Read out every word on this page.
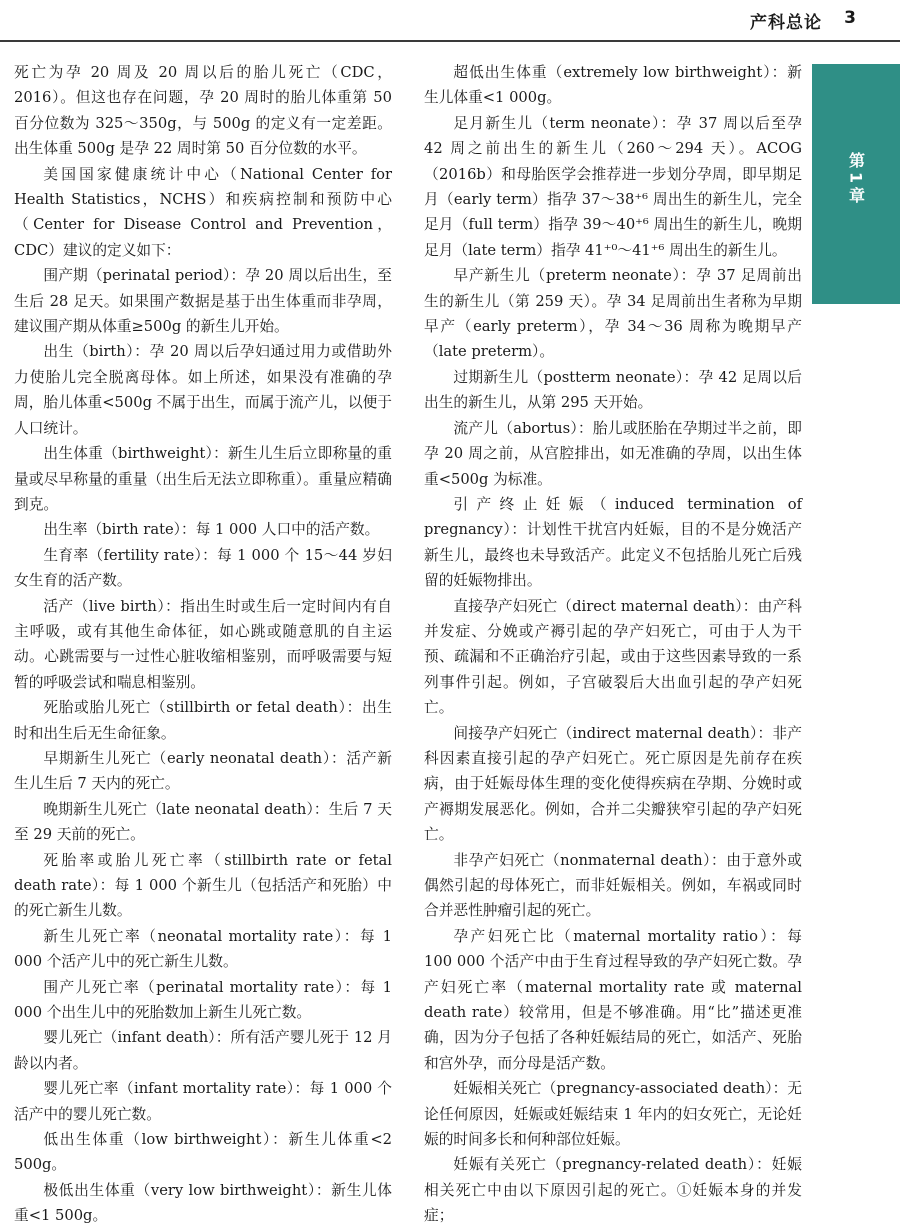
产科总论 3
第1章

死亡为孕 20 周及 20 周以后的胎儿死亡（CDC，2016）。但这也存在问题，孕 20 周时的胎儿体重第 50 百分位数为 325～350g，与 500g 的定义有一定差距。出生体重 500g 是孕 22 周时第 50 百分位数的水平。

美国国家健康统计中心（National Center for Health Statistics，NCHS）和疾病控制和预防中心（Center for Disease Control and Prevention，CDC）建议的定义如下：

围产期（perinatal period）：孕 20 周以后出生，至生后 28 足天。如果围产数据是基于出生体重而非孕周，建议围产期从体重≥500g 的新生儿开始。

出生（birth）：孕 20 周以后孕妇通过用力或借助外力使胎儿完全脱离母体。如上所述，如果没有准确的孕周，胎儿体重<500g 不属于出生，而属于流产儿，以便于人口统计。

出生体重（birthweight）：新生儿生后立即称量的重量或尽早称量的重量（出生后无法立即称重）。重量应精确到克。

出生率（birth rate）：每 1 000 人口中的活产数。

生育率（fertility rate）：每 1 000 个 15～44 岁妇女生育的活产数。

活产（live birth）：指出生时或生后一定时间内有自主呼吸，或有其他生命体征，如心跳或随意肌的自主运动。心跳需要与一过性心脏收缩相鉴别，而呼吸需要与短暂的呼吸尝试和喘息相鉴别。

死胎或胎儿死亡（stillbirth or fetal death）：出生时和出生后无生命征象。

早期新生儿死亡（early neonatal death）：活产新生儿生后 7 天内的死亡。

晚期新生儿死亡（late neonatal death）：生后 7 天至 29 天前的死亡。

死胎率或胎儿死亡率（stillbirth rate or fetal death rate）：每 1 000 个新生儿（包括活产和死胎）中的死亡新生儿数。

新生儿死亡率（neonatal mortality rate）：每 1 000 个活产儿中的死亡新生儿数。

围产儿死亡率（perinatal mortality rate）：每 1 000 个出生儿中的死胎数加上新生儿死亡数。

婴儿死亡（infant death）：所有活产婴儿死于 12 月龄以内者。

婴儿死亡率（infant mortality rate）：每 1 000 个活产中的婴儿死亡数。

低出生体重（low birthweight）：新生儿体重<2 500g。

极低出生体重（very low birthweight）：新生儿体重<1 500g。

超低出生体重（extremely low birthweight）：新生儿体重<1 000g。

足月新生儿（term neonate）：孕 37 周以后至孕 42 周之前出生的新生儿（260～294 天）。ACOG（2016b）和母胎医学会推荐进一步划分孕周，即早期足月（early term）指孕 37～38⁺⁶ 周出生的新生儿，完全足月（full term）指孕 39～40⁺⁶ 周出生的新生儿，晚期足月（late term）指孕 41⁺⁰～41⁺⁶ 周出生的新生儿。

早产新生儿（preterm neonate）：孕 37 足周前出生的新生儿（第 259 天）。孕 34 足周前出生者称为早期早产（early preterm），孕 34～36 周称为晚期早产（late preterm）。

过期新生儿（postterm neonate）：孕 42 足周以后出生的新生儿，从第 295 天开始。

流产儿（abortus）：胎儿或胚胎在孕期过半之前，即孕 20 周之前，从宫腔排出，如无准确的孕周，以出生体重<500g 为标准。

引产终止妊娠（induced termination of pregnancy）：计划性干扰宫内妊娠，目的不是分娩活产新生儿，最终也未导致活产。此定义不包括胎儿死亡后残留的妊娠物排出。

直接孕产妇死亡（direct maternal death）：由产科并发症、分娩或产褥引起的孕产妇死亡，可由于人为干预、疏漏和不正确治疗引起，或由于这些因素导致的一系列事件引起。例如，子宫破裂后大出血引起的孕产妇死亡。

间接孕产妇死亡（indirect maternal death）：非产科因素直接引起的孕产妇死亡。死亡原因是先前存在疾病，由于妊娠母体生理的变化使得疾病在孕期、分娩时或产褥期发展恶化。例如，合并二尖瓣狭窄引起的孕产妇死亡。

非孕产妇死亡（nonmaternal death）：由于意外或偶然引起的母体死亡，而非妊娠相关。例如，车祸或同时合并恶性肿瘤引起的死亡。

孕产妇死亡比（maternal mortality ratio）：每 100 000 个活产中由于生育过程导致的孕产妇死亡数。孕产妇死亡率（maternal mortality rate 或 maternal death rate）较常用，但是不够准确。用“比”描述更准确，因为分子包括了各种妊娠结局的死亡，如活产、死胎和宫外孕，而分母是活产数。

妊娠相关死亡（pregnancy-associated death）：无论任何原因，妊娠或妊娠结束 1 年内的妇女死亡，无论妊娠的时间多长和何种部位妊娠。

妊娠有关死亡（pregnancy-related death）：妊娠相关死亡中由以下原因引起的死亡。①妊娠本身的并发症；
